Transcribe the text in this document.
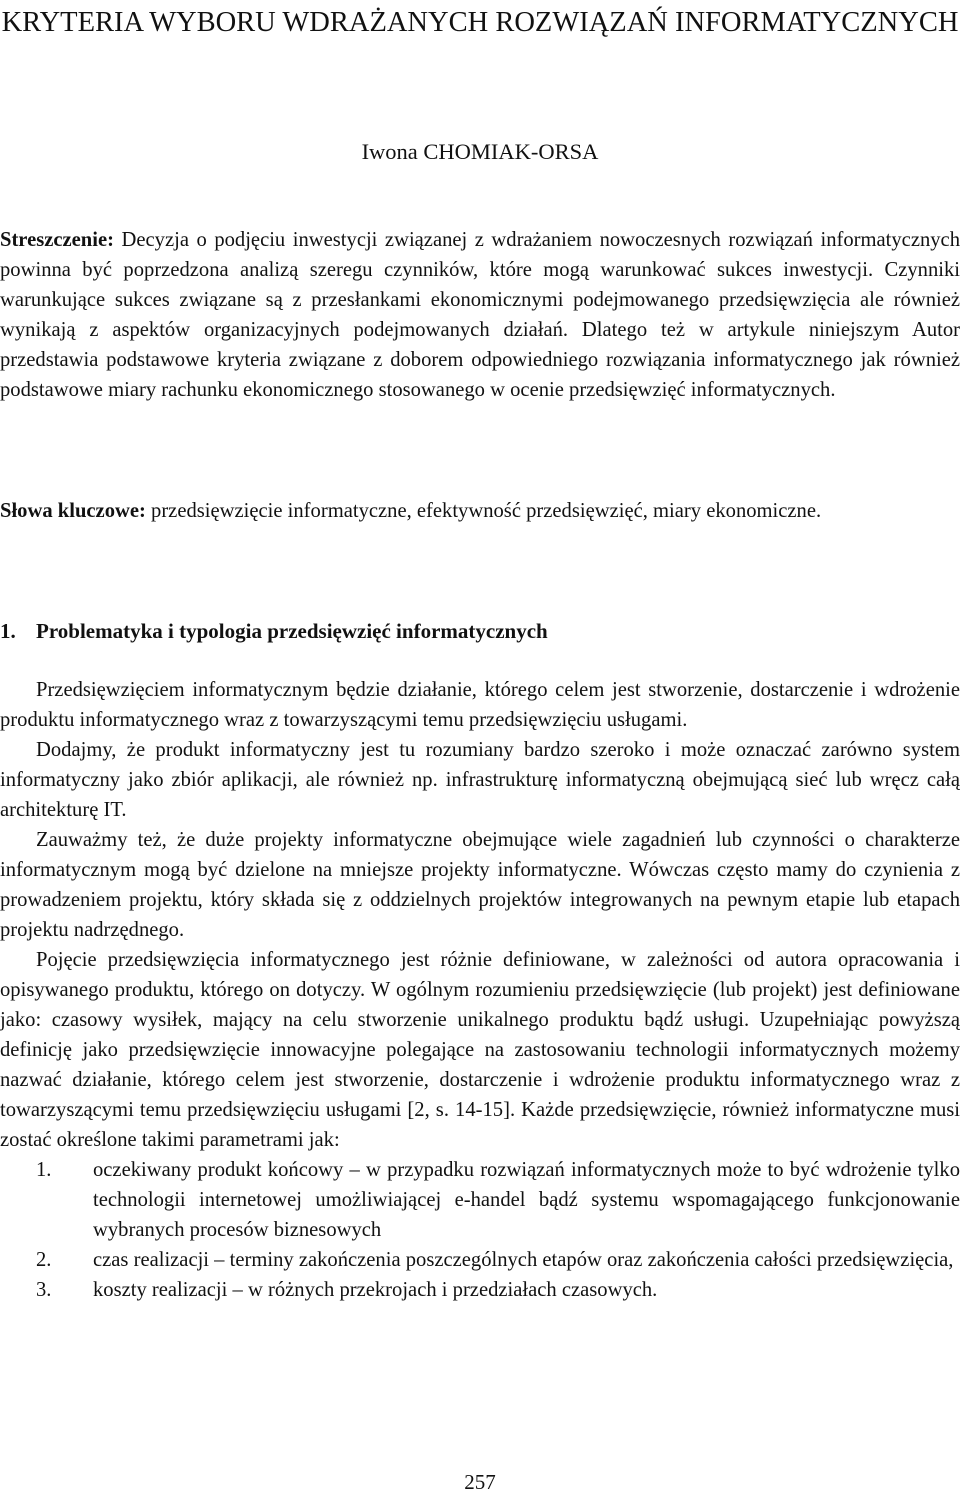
KRYTERIA WYBORU WDRAŻANYCH ROZWIĄZAŃ INFORMATYCZNYCH
Iwona CHOMIAK-ORSA

Streszczenie: Decyzja o podjęciu inwestycji związanej z wdrażaniem nowoczesnych rozwiązań informatycznych powinna być poprzedzona analizą szeregu czynników, które mogą warunkować sukces inwestycji. Czynniki warunkujące sukces związane są z przesłankami ekonomicznymi podejmowanego przedsięwzięcia ale również wynikają z aspektów organizacyjnych podejmowanych działań. Dlatego też w artykule niniejszym Autor przedstawia podstawowe kryteria związane z doborem odpowiedniego rozwiązania informatycznego jak również podstawowe miary rachunku ekonomicznego stosowanego w ocenie przedsięwzięć informatycznych.

Słowa kluczowe: przedsięwzięcie informatyczne, efektywność przedsięwzięć, miary ekonomiczne.

1. Problematyka i typologia przedsięwzięć informatycznych

Przedsięwzięciem informatycznym będzie działanie, którego celem jest stworzenie, dostarczenie i wdrożenie produktu informatycznego wraz z towarzyszącymi temu przedsięwzięciu usługami.

Dodajmy, że produkt informatyczny jest tu rozumiany bardzo szeroko i może oznaczać zarówno system informatyczny jako zbiór aplikacji, ale również np. infrastrukturę informatyczną obejmującą sieć lub wręcz całą architekturę IT.

Zauważmy też, że duże projekty informatyczne obejmujące wiele zagadnień lub czynności o charakterze informatycznym mogą być dzielone na mniejsze projekty informatyczne. Wówczas często mamy do czynienia z prowadzeniem projektu, który składa się z oddzielnych projektów integrowanych na pewnym etapie lub etapach projektu nadrzędnego.

Pojęcie przedsięwzięcia informatycznego jest różnie definiowane, w zależności od autora opracowania i opisywanego produktu, którego on dotyczy. W ogólnym rozumieniu przedsięwzięcie (lub projekt) jest definiowane jako: czasowy wysiłek, mający na celu stworzenie unikalnego produktu bądź usługi. Uzupełniając powyższą definicję jako przedsięwzięcie innowacyjne polegające na zastosowaniu technologii informatycznych możemy nazwać działanie, którego celem jest stworzenie, dostarczenie i wdrożenie produktu informatycznego wraz z towarzyszącymi temu przedsięwzięciu usługami [2, s. 14-15]. Każde przedsięwzięcie, również informatyczne musi zostać określone takimi parametrami jak:

1. oczekiwany produkt końcowy – w przypadku rozwiązań informatycznych może to być wdrożenie tylko technologii internetowej umożliwiającej e-handel bądź systemu wspomagającego funkcjonowanie wybranych procesów biznesowych
2. czas realizacji – terminy zakończenia poszczególnych etapów oraz zakończenia całości przedsięwzięcia,
3. koszty realizacji – w różnych przekrojach i przedziałach czasowych.
257
